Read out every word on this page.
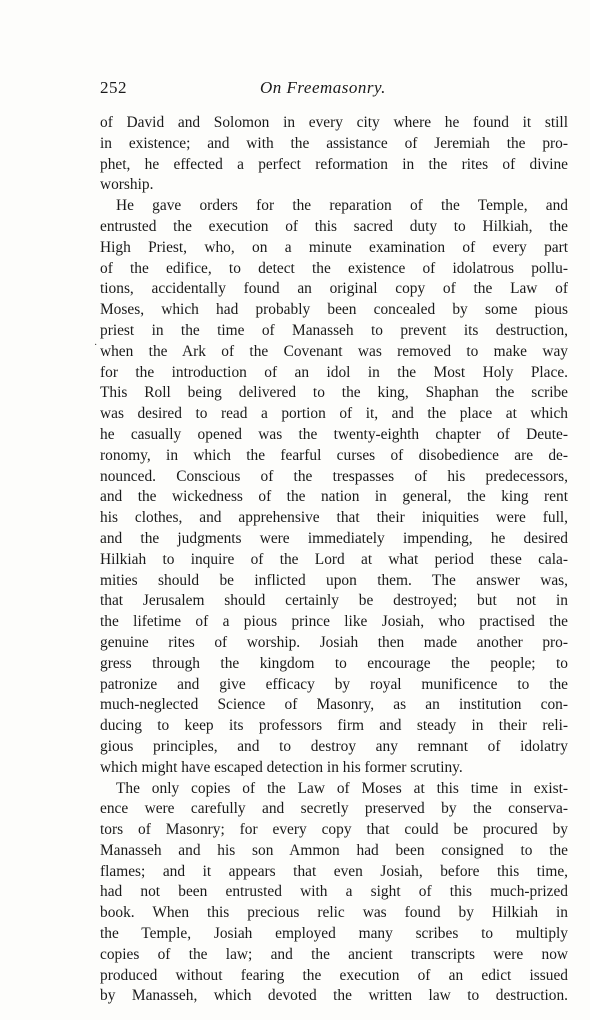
252	On Freemasonry.
·
of David and Solomon in every city where he found it still
in existence; and with the assistance of Jeremiah the pro-
phet, he effected a perfect reformation in the rites of divine
worship.
He gave orders for the reparation of the Temple, and
entrusted the execution of this sacred duty to Hilkiah, the
High Priest, who, on a minute examination of every part
of the edifice, to detect the existence of idolatrous pollu-
tions, accidentally found an original copy of the Law of
Moses, which had probably been concealed by some pious
priest in the time of Manasseh to prevent its destruction,
when the Ark of the Covenant was removed to make way
for the introduction of an idol in the Most Holy Place.
This Roll being delivered to the king, Shaphan the scribe
was desired to read a portion of it, and the place at which
he casually opened was the twenty-eighth chapter of Deute-
ronomy, in which the fearful curses of disobedience are de-
nounced. Conscious of the trespasses of his predecessors,
and the wickedness of the nation in general, the king rent
his clothes, and apprehensive that their iniquities were full,
and the judgments were immediately impending, he desired
Hilkiah to inquire of the Lord at what period these cala-
mities should be inflicted upon them. The answer was,
that Jerusalem should certainly be destroyed; but not in
the lifetime of a pious prince like Josiah, who practised the
genuine rites of worship. Josiah then made another pro-
gress through the kingdom to encourage the people; to
patronize and give efficacy by royal munificence to the
much-neglected Science of Masonry, as an institution con-
ducing to keep its professors firm and steady in their reli-
gious principles, and to destroy any remnant of idolatry
which might have escaped detection in his former scrutiny.
The only copies of the Law of Moses at this time in exist-
ence were carefully and secretly preserved by the conserva-
tors of Masonry; for every copy that could be procured by
Manasseh and his son Ammon had been consigned to the
flames; and it appears that even Josiah, before this time,
had not been entrusted with a sight of this much-prized
book. When this precious relic was found by Hilkiah in
the Temple, Josiah employed many scribes to multiply
copies of the law; and the ancient transcripts were now
produced without fearing the execution of an edict issued
by Manasseh, which devoted the written law to destruction.
